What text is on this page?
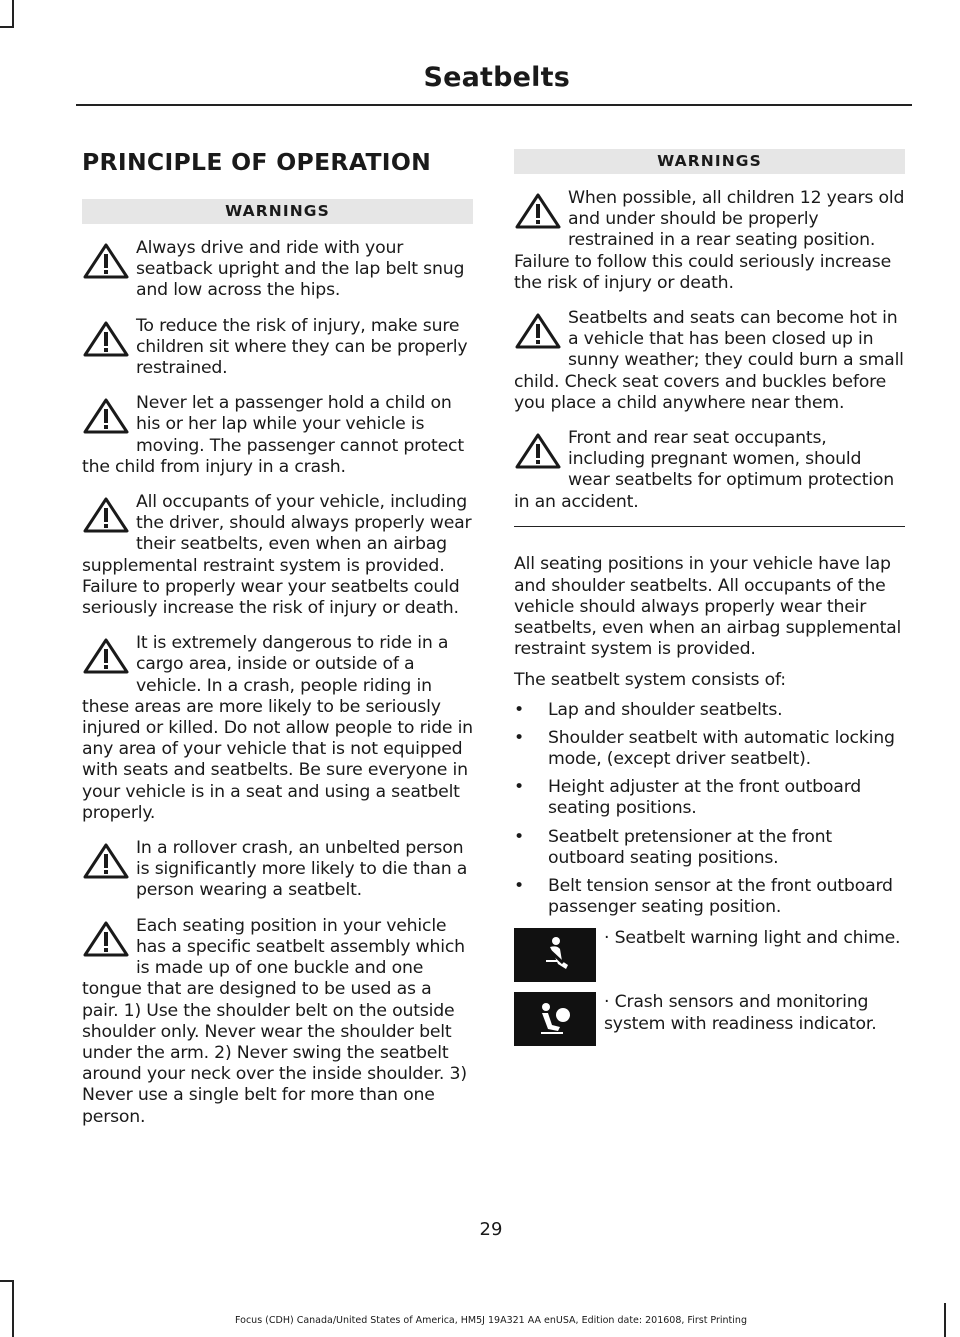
Seatbelts
PRINCIPLE OF OPERATION
WARNINGS
Always drive and ride with your seatback upright and the lap belt snug and low across the hips.
To reduce the risk of injury, make sure children sit where they can be properly restrained.
Never let a passenger hold a child on his or her lap while your vehicle is moving. The passenger cannot protect the child from injury in a crash.
All occupants of your vehicle, including the driver, should always properly wear their seatbelts, even when an airbag supplemental restraint system is provided. Failure to properly wear your seatbelts could seriously increase the risk of injury or death.
It is extremely dangerous to ride in a cargo area, inside or outside of a vehicle. In a crash, people riding in these areas are more likely to be seriously injured or killed. Do not allow people to ride in any area of your vehicle that is not equipped with seats and seatbelts. Be sure everyone in your vehicle is in a seat and using a seatbelt properly.
In a rollover crash, an unbelted person is significantly more likely to die than a person wearing a seatbelt.
Each seating position in your vehicle has a specific seatbelt assembly which is made up of one buckle and one tongue that are designed to be used as a pair. 1) Use the shoulder belt on the outside shoulder only. Never wear the shoulder belt under the arm. 2) Never swing the seatbelt around your neck over the inside shoulder. 3) Never use a single belt for more than one person.
WARNINGS
When possible, all children 12 years old and under should be properly restrained in a rear seating position. Failure to follow this could seriously increase the risk of injury or death.
Seatbelts and seats can become hot in a vehicle that has been closed up in sunny weather; they could burn a small child. Check seat covers and buckles before you place a child anywhere near them.
Front and rear seat occupants, including pregnant women, should wear seatbelts for optimum protection in an accident.
All seating positions in your vehicle have lap and shoulder seatbelts. All occupants of the vehicle should always properly wear their seatbelts, even when an airbag supplemental restraint system is provided.
The seatbelt system consists of:
• Lap and shoulder seatbelts.
• Shoulder seatbelt with automatic locking mode, (except driver seatbelt).
• Height adjuster at the front outboard seating positions.
• Seatbelt pretensioner at the front outboard seating positions.
• Belt tension sensor at the front outboard passenger seating position.
· Seatbelt warning light and chime.
· Crash sensors and monitoring system with readiness indicator.
29
Focus (CDH) Canada/United States of America, HM5J 19A321 AA enUSA, Edition date: 201608, First Printing
